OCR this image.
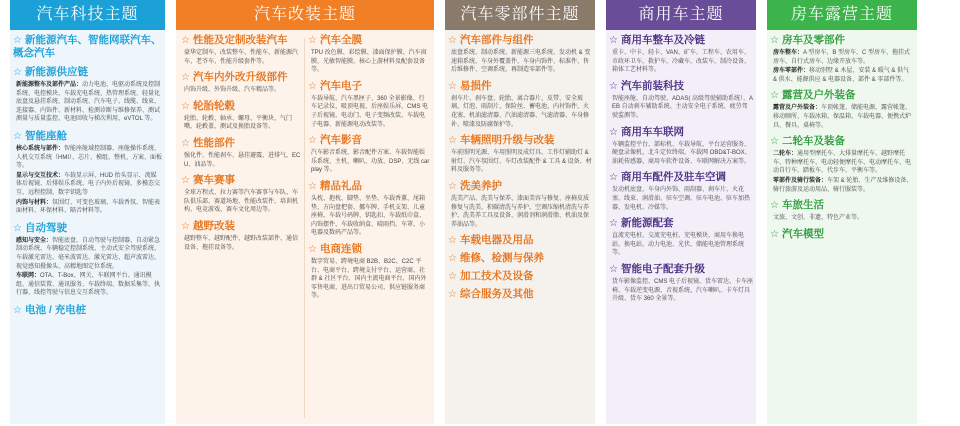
汽车科技主题
☆ 新能源汽车、智能网联汽车、概念汽车
☆ 新能源供应链
新能源整车及部件产品：动力电池、电驱动系统及控制系统、电控模块、车载充电系统、热管理系统、轻量化底盘及悬挂系统、制动系统、汽车电子、线缆、线束、连接器、内饰件、新材料、检测诊断与维修保养、测试测量与质量监控、电池回收与梯次利用、eVTOL 等。
☆ 智能座舱
核心系统与部件：智能座舱域控制器、座舱操作系统、人机交互系统（HMI）、芯片、模组、整机、方案、面板等。
显示与交互技术：车载显示屏、HUD 抬头显示、流媒体后视镜、后排娱乐系统、电子内外后视镜、多模态交互、远程控制、数字钥匙等
内饰与材料：氛围灯、可变色玻璃、车载香氛、智能表面材料、环保材料、隔音材料等。
☆ 自动驾驶
感知与安全：智能底盘、自动驾驶与控制器、自动紧急制动系统、车辆稳定控制系统、主动式安全驾驶系统、车载激光雷达、毫米波雷达、激光雷达、超声波雷达、视觉感知摄像头、高精地图定位系统。
车联网：OTA、T-Box、网关、车联网平台、通讯模组、通信装置、通讯服务、车载终端、数据采集等、执行器、线控驾驶与信息交互系统等。
☆ 电池 / 充电桩
汽车改装主题
☆ 性能及定制改装汽车
豪华定制车、改装整车、性能车、新能源汽车、老爷车、性能升级套件等。
☆ 汽车内外改升级部件
内饰升级、外饰升级、汽车精品等。
☆ 轮胎轮毂
轮胎、轮毂、轴承、螺母、平衡块、气门嘴、轮毂盖、测试及换胎设备等。
☆ 性能部件
强化件、性能刹车、悬挂避震、进排气、ECU、油品等。
☆ 赛车赛事
全球方程式、拉力赛等汽车赛事与车队、车队俱乐部、赛道场地、性能改装件、培训机构、电竞游戏、赛车文化周边等。
☆ 越野改装
越野整车、越野配件、越野改装部件、通信设备、拖挂设备等。
☆ 汽车全膜
TPU 改色膜、彩绘膜、漆面保护膜、汽车窗膜、光敏智能膜、核心上游材料及配套设备等。
☆ 汽车电子
车载导航、汽车黑匣子、360 全景影像、行车记录仪、吸顶电视、后座娱乐屏、CMS 电子后视镜、电动门、电子变频改装、车载电子电器、新能源电动改装等。
☆ 汽车影音
汽车影音系统、影音配件方案、车载智能娱乐系统、主机、喇叭、功放、DSP、无线 carplay 等。
☆ 精品礼品
头枕、抱枕、脚垫、坐垫、车载香薰、尾箱垫、方向盘把套、挪车牌、手机支架、儿童座椅、车载号码牌、钥匙扣、车载纸巾盒、内饰摆件、车载收纳盒、晴雨挡、车罩、小电器及数码产品等。
☆ 电商连锁
数字贸易、跨境电商 B2B、B2C、C2C 平台、电商平台、跨境支付平台、运营商、社群 & 社区平台、国内主流电商平台、国内外零售电商、进出口贸易公司、供应链服务商等。
汽车零部件主题
☆ 汽车部件与组件
底盘系统、制动系统、新能源三电系统、发动机 & 变速箱系统、车身外覆盖件、车身内饰件、标准件、售后维修件、空调系统、再制造零部件等。
☆ 易损件
刹车片、刹车盘、轮胎、离合器片、皮带、安全玻璃、灯泡、雨刮片、保险丝、蓄电池、内衬饰件、火花塞、机油滤清器、汽油滤清器、气滤清器、车身修补、喷漆及防腐保护等。
☆ 车辆照明升级与改装
车前照明光源、车用照明及成灯具、工作灯辅助灯 & 射灯、汽车氛围灯、车灯改装配件 & 工具 & 设备、材料及服务等。
☆ 洗美养护
洗美产品、洗美与保养、漆面美容与修复、座椅皮质修复与洗美、积碳清洗与养护、空调压缩机清洗与养护、洗美养工具及设备、润滑剂和润滑脂、机油及保养油品等。
☆ 车载电器及用品
☆ 维修、检测与保养
☆ 加工技术及设备
☆ 综合服务及其他
商用车主题
☆ 商用车整车及冷链
重卡、中卡、轻卡、VAN、矿车、工程车、农用车、市政环卫车、救护车、冷藏车、改装车、制冷设备、箱体工艺材料等。
☆ 汽车前装科技
智能座舱、自动驾驶、ADAS( 高级驾驶辅助系统）、AEB 自动刹车辅助系统、主动安全电子系统、疲劳驾驶监测等。
☆ 商用车车联网
车辆监控平台、部标机、车载导航、平台运营服务、硬盘录像机、北斗定位终端、车载网 OBD&T-BOX、油耗传感器、商用车软件设备、车联网解决方案等。
☆ 商用车配件及驻车空调
发动机底盘、车身内外饰、雨刮器、刹车片、火花塞、线束、润滑油、驻车空调、驻车电池、驻车加热器、发电机、冷媒等。
☆ 新能源配套
直流充电桩、交流充电桩、充电模块、商用车换电站、换电站、动力电池、光伏、储能电池管理系统等。
☆ 智能电子配套升级
货车影像监控、CMS 电子后视镜、货车雷达、卡车座椅、车载逆变电源、音视系统、汽车喇叭、卡车灯具升级、货车 360 全景等。
房车露营主题
☆ 房车及零部件
房车整车：A 型房车、B 型房车、C 型房车、拖挂式房车、自行式房车、边缘开放车等。
房车零部件：移动别墅 & 木屋、安装 & 暖气 & 供气 & 供水、能源供应 & 电器设备、部件 & 零部件等。
☆ 露营及户外装备
露营及户外装备：车顶帐篷、储能电源、露营帐篷、移动厕所、车载冰箱、保温箱、车载电器、便携式炉具、餐具、桌椅等。
☆ 二轮车及装备
二轮车：通用型摩托车、大排量摩托车、越野摩托车、特种摩托车、电动轻便摩托车、电动摩托车、电动自行车、踏板车、代步车、平衡车等。
零部件及骑行装备：车架 & 轮胎、生产及维修设备、骑行旅游及运动用品、骑行服装等。
☆ 车旅生活
文旅、文创、非遗、特色产业等。
☆ 汽车模型
